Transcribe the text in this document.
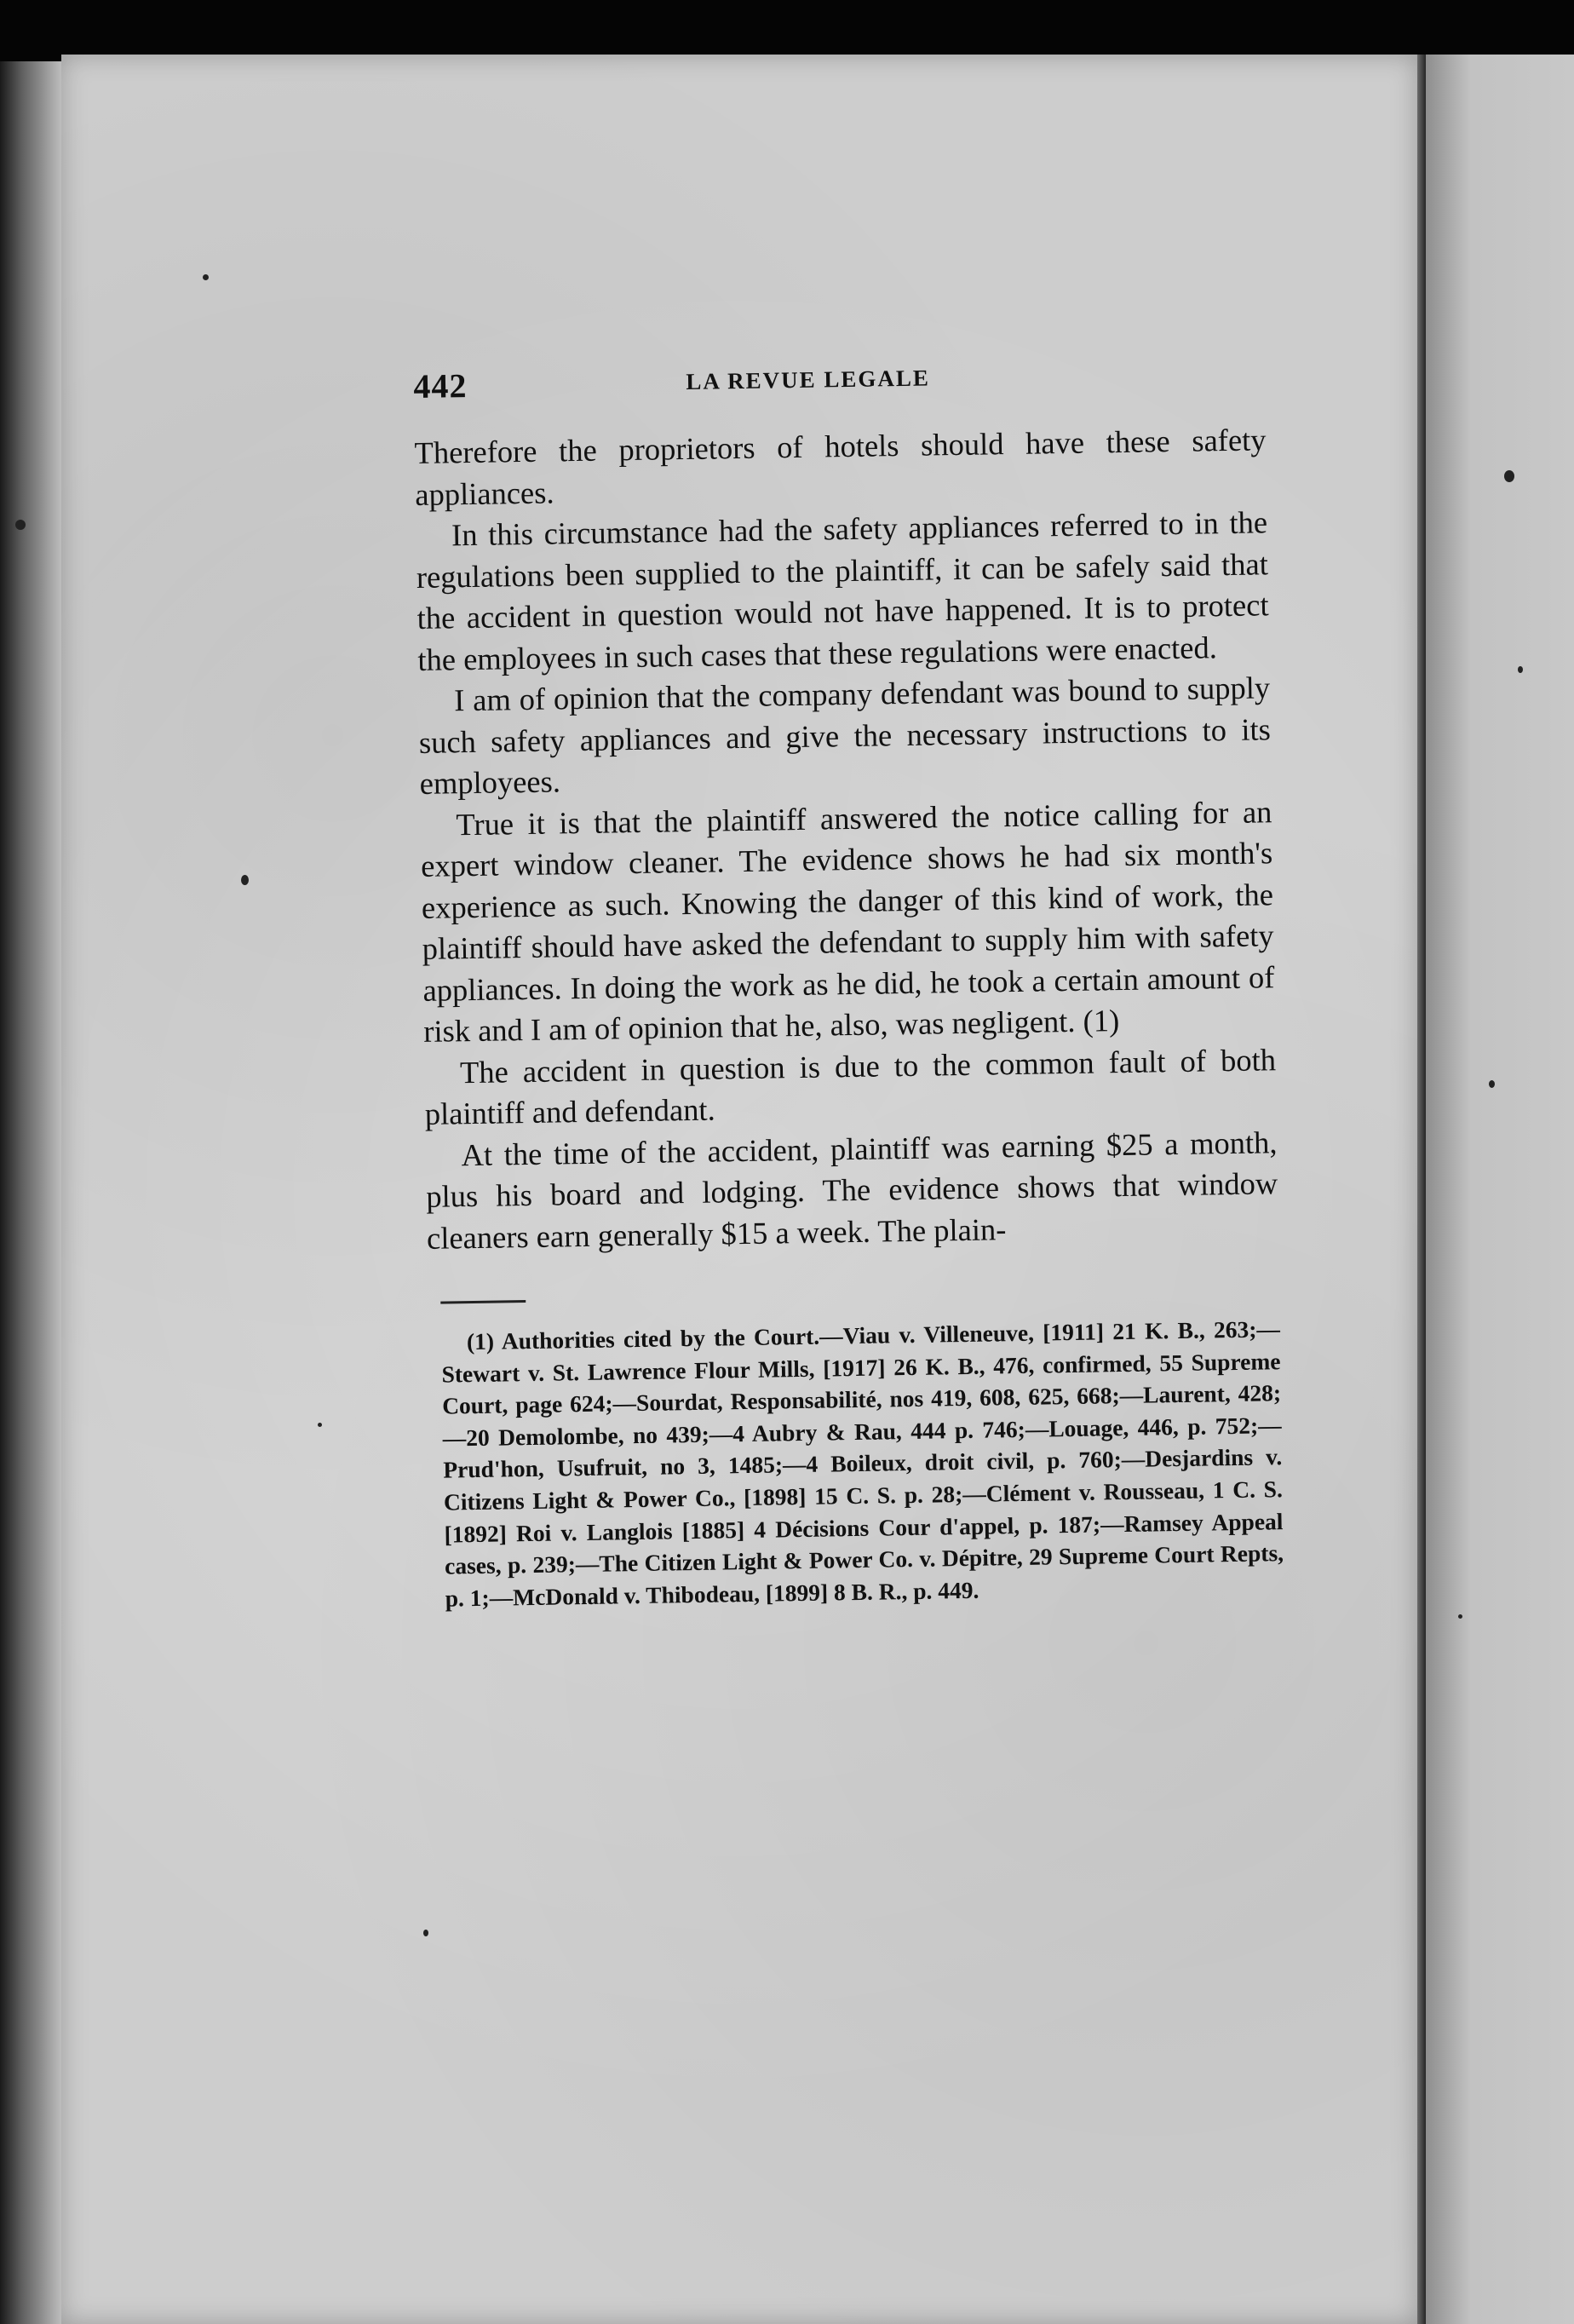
442	LA REVUE LEGALE

Therefore the proprietors of hotels should have these safety appliances.

In this circumstance had the safety appliances referred to in the regulations been supplied to the plaintiff, it can be safely said that the accident in question would not have happened. It is to protect the employees in such cases that these regulations were enacted.

I am of opinion that the company defendant was bound to supply such safety appliances and give the necessary instructions to its employees.

True it is that the plaintiff answered the notice calling for an expert window cleaner. The evidence shows he had six month's experience as such. Knowing the danger of this kind of work, the plaintiff should have asked the defendant to supply him with safety appliances. In doing the work as he did, he took a certain amount of risk and I am of opinion that he, also, was negligent. (1)

The accident in question is due to the common fault of both plaintiff and defendant.

At the time of the accident, plaintiff was earning $25 a month, plus his board and lodging. The evidence shows that window cleaners earn generally $15 a week. The plain-

(1) Authorities cited by the Court.—Viau v. Villeneuve, [1911] 21 K. B., 263;—Stewart v. St. Lawrence Flour Mills, [1917] 26 K. B., 476, confirmed, 55 Supreme Court, page 624;—Sourdat, Responsabilité, nos 419, 608, 625, 668;—Laurent, 428;—20 Demolombe, no 439;—4 Aubry & Rau, 444 p. 746;—Louage, 446, p. 752;—Prud'hon, Usufruit, no 3, 1485;—4 Boileux, droit civil, p. 760;—Desjardins v. Citizens Light & Power Co., [1898] 15 C. S. p. 28;—Clément v. Rousseau, 1 C. S. [1892] Roi v. Langlois [1885] 4 Décisions Cour d'appel, p. 187;—Ramsey Appeal cases, p. 239;—The Citizen Light & Power Co. v. Dépitre, 29 Supreme Court Repts, p. 1;—McDonald v. Thibodeau, [1899] 8 B. R., p. 449.
